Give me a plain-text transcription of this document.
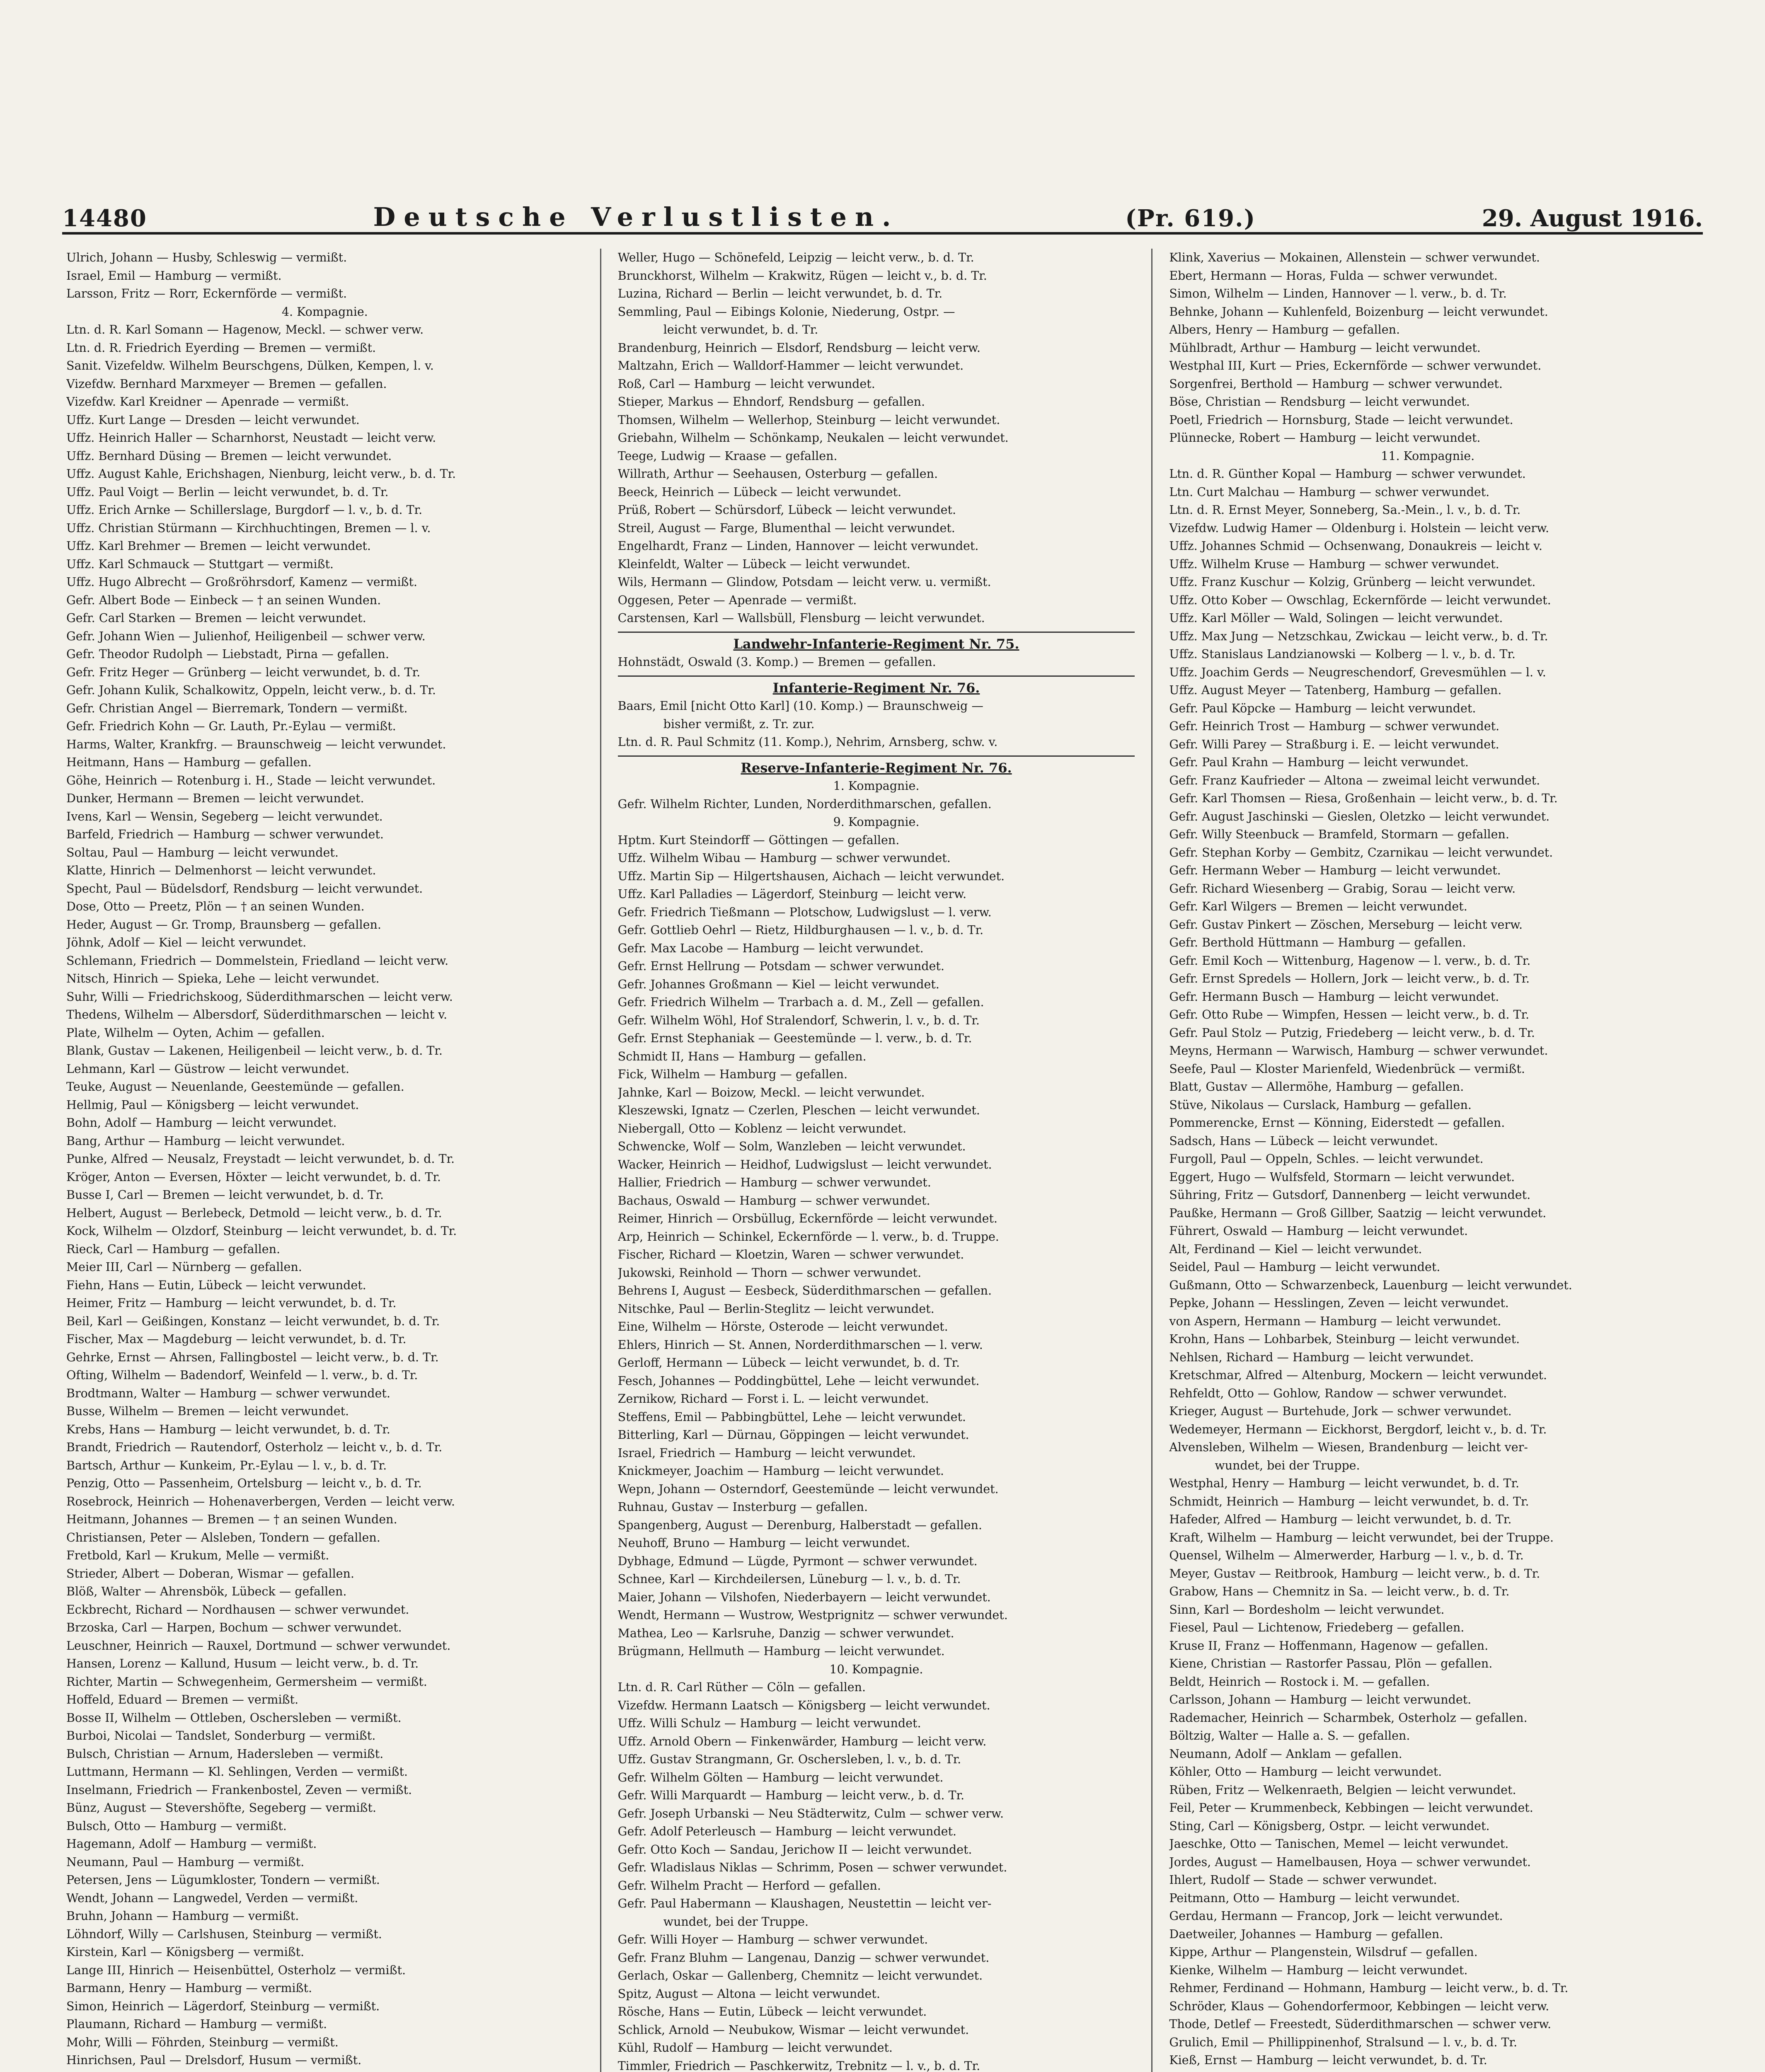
14480	Deutsche Verlustlisten.	(Pr. 619.)	29. August 1916.
Ulrich, Johann — Husby, Schleswig — vermißt.
Israel, Emil — Hamburg — vermißt.
Larsson, Fritz — Rorr, Eckernförde — vermißt.
4. Kompagnie.
Ltn. d. R. Karl Somann — Hagenow, Meckl. — schwer verw.
Ltn. d. R. Friedrich Eyerding — Bremen — vermißt.
Sanit. Vizefeldw. Wilhelm Beurschgens, Dülken, Kempen, l. v.
Vizefdw. Bernhard Marxmeyer — Bremen — gefallen.
Vizefdw. Karl Kreidner — Apenrade — vermißt.
Uffz. Kurt Lange — Dresden — leicht verwundet.
Uffz. Heinrich Haller — Scharnhorst, Neustadt — leicht verw.
Uffz. Bernhard Düsing — Bremen — leicht verwundet.
Uffz. August Kahle, Erichshagen, Nienburg, leicht verw., b. d. Tr.
Uffz. Paul Voigt — Berlin — leicht verwundet, b. d. Tr.
Uffz. Erich Arnke — Schillerslage, Burgdorf — l. v., b. d. Tr.
Uffz. Christian Stürmann — Kirchhuchtingen, Bremen — l. v.
Uffz. Karl Brehmer — Bremen — leicht verwundet.
Uffz. Karl Schmauck — Stuttgart — vermißt.
Uffz. Hugo Albrecht — Großröhrsdorf, Kamenz — vermißt.
Gefr. Albert Bode — Einbeck — † an seinen Wunden.
Gefr. Carl Starken — Bremen — leicht verwundet.
Gefr. Johann Wien — Julienhof, Heiligenbeil — schwer verw.
Gefr. Theodor Rudolph — Liebstadt, Pirna — gefallen.
Gefr. Fritz Heger — Grünberg — leicht verwundet, b. d. Tr.
Gefr. Johann Kulik, Schalkowitz, Oppeln, leicht verw., b. d. Tr.
Gefr. Christian Angel — Bierremark, Tondern — vermißt.
Gefr. Friedrich Kohn — Gr. Lauth, Pr.-Eylau — vermißt.
Harms, Walter, Krankfrg. — Braunschweig — leicht verwundet.
Heitmann, Hans — Hamburg — gefallen.
Göhe, Heinrich — Rotenburg i. H., Stade — leicht verwundet.
Dunker, Hermann — Bremen — leicht verwundet.
Ivens, Karl — Wensin, Segeberg — leicht verwundet.
Barfeld, Friedrich — Hamburg — schwer verwundet.
Soltau, Paul — Hamburg — leicht verwundet.
Klatte, Hinrich — Delmenhorst — leicht verwundet.
Specht, Paul — Büdelsdorf, Rendsburg — leicht verwundet.
Dose, Otto — Preetz, Plön — † an seinen Wunden.
Heder, August — Gr. Tromp, Braunsberg — gefallen.
Jöhnk, Adolf — Kiel — leicht verwundet.
Schlemann, Friedrich — Dommelstein, Friedland — leicht verw.
Nitsch, Hinrich — Spieka, Lehe — leicht verwundet.
Suhr, Willi — Friedrichskoog, Süderdithmarschen — leicht verw.
Thedens, Wilhelm — Albersdorf, Süderdithmarschen — leicht v.
Plate, Wilhelm — Oyten, Achim — gefallen.
Blank, Gustav — Lakenen, Heiligenbeil — leicht verw., b. d. Tr.
Lehmann, Karl — Güstrow — leicht verwundet.
Teuke, August — Neuenlande, Geestemünde — gefallen.
Hellmig, Paul — Königsberg — leicht verwundet.
Bohn, Adolf — Hamburg — leicht verwundet.
Bang, Arthur — Hamburg — leicht verwundet.
Punke, Alfred — Neusalz, Freystadt — leicht verwundet, b. d. Tr.
Kröger, Anton — Eversen, Höxter — leicht verwundet, b. d. Tr.
Busse I, Carl — Bremen — leicht verwundet, b. d. Tr.
Helbert, August — Berlebeck, Detmold — leicht verw., b. d. Tr.
Kock, Wilhelm — Olzdorf, Steinburg — leicht verwundet, b. d. Tr.
Rieck, Carl — Hamburg — gefallen.
Meier III, Carl — Nürnberg — gefallen.
Fiehn, Hans — Eutin, Lübeck — leicht verwundet.
Heimer, Fritz — Hamburg — leicht verwundet, b. d. Tr.
Beil, Karl — Geißingen, Konstanz — leicht verwundet, b. d. Tr.
Fischer, Max — Magdeburg — leicht verwundet, b. d. Tr.
Gehrke, Ernst — Ahrsen, Fallingbostel — leicht verw., b. d. Tr.
Ofting, Wilhelm — Badendorf, Weinfeld — l. verw., b. d. Tr.
Brodtmann, Walter — Hamburg — schwer verwundet.
Busse, Wilhelm — Bremen — leicht verwundet.
Krebs, Hans — Hamburg — leicht verwundet, b. d. Tr.
Brandt, Friedrich — Rautendorf, Osterholz — leicht v., b. d. Tr.
Bartsch, Arthur — Kunkeim, Pr.-Eylau — l. v., b. d. Tr.
Penzig, Otto — Passenheim, Ortelsburg — leicht v., b. d. Tr.
Rosebrock, Heinrich — Hohenaverbergen, Verden — leicht verw.
Heitmann, Johannes — Bremen — † an seinen Wunden.
Christiansen, Peter — Alsleben, Tondern — gefallen.
Fretbold, Karl — Krukum, Melle — vermißt.
Strieder, Albert — Doberan, Wismar — gefallen.
Blöß, Walter — Ahrensbök, Lübeck — gefallen.
Eckbrecht, Richard — Nordhausen — schwer verwundet.
Brzoska, Carl — Harpen, Bochum — schwer verwundet.
Leuschner, Heinrich — Rauxel, Dortmund — schwer verwundet.
Hansen, Lorenz — Kallund, Husum — leicht verw., b. d. Tr.
Richter, Martin — Schwegenheim, Germersheim — vermißt.
Hoffeld, Eduard — Bremen — vermißt.
Bosse II, Wilhelm — Ottleben, Oschersleben — vermißt.
Burboi, Nicolai — Tandslet, Sonderburg — vermißt.
Bulsch, Christian — Arnum, Hadersleben — vermißt.
Luttmann, Hermann — Kl. Sehlingen, Verden — vermißt.
Inselmann, Friedrich — Frankenbostel, Zeven — vermißt.
Bünz, August — Stevershöfte, Segeberg — vermißt.
Bulsch, Otto — Hamburg — vermißt.
Hagemann, Adolf — Hamburg — vermißt.
Neumann, Paul — Hamburg — vermißt.
Petersen, Jens — Lügumkloster, Tondern — vermißt.
Wendt, Johann — Langwedel, Verden — vermißt.
Bruhn, Johann — Hamburg — vermißt.
Löhndorf, Willy — Carlshusen, Steinburg — vermißt.
Kirstein, Karl — Königsberg — vermißt.
Lange III, Hinrich — Heisenbüttel, Osterholz — vermißt.
Barmann, Henry — Hamburg — vermißt.
Simon, Heinrich — Lägerdorf, Steinburg — vermißt.
Plaumann, Richard — Hamburg — vermißt.
Mohr, Willi — Föhrden, Steinburg — vermißt.
Hinrichsen, Paul — Drelsdorf, Husum — vermißt.
Weller, Hugo — Schönefeld, Leipzig — leicht verw., b. d. Tr.
Brunckhorst, Wilhelm — Krakwitz, Rügen — leicht v., b. d. Tr.
Luzina, Richard — Berlin — leicht verwundet, b. d. Tr.
Semmling, Paul — Eibings Kolonie, Niederung, Ostpr. —
leicht verwundet, b. d. Tr.
Brandenburg, Heinrich — Elsdorf, Rendsburg — leicht verw.
Maltzahn, Erich — Walldorf-Hammer — leicht verwundet.
Roß, Carl — Hamburg — leicht verwundet.
Stieper, Markus — Ehndorf, Rendsburg — gefallen.
Thomsen, Wilhelm — Wellerhop, Steinburg — leicht verwundet.
Griebahn, Wilhelm — Schönkamp, Neukalen — leicht verwundet.
Teege, Ludwig — Kraase — gefallen.
Willrath, Arthur — Seehausen, Osterburg — gefallen.
Beeck, Heinrich — Lübeck — leicht verwundet.
Prüß, Robert — Schürsdorf, Lübeck — leicht verwundet.
Streil, August — Farge, Blumenthal — leicht verwundet.
Engelhardt, Franz — Linden, Hannover — leicht verwundet.
Kleinfeldt, Walter — Lübeck — leicht verwundet.
Wils, Hermann — Glindow, Potsdam — leicht verw. u. vermißt.
Oggesen, Peter — Apenrade — vermißt.
Carstensen, Karl — Wallsbüll, Flensburg — leicht verwundet.
Landwehr-Infanterie-Regiment Nr. 75.
Hohnstädt, Oswald (3. Komp.) — Bremen — gefallen.
Infanterie-Regiment Nr. 76.
Baars, Emil [nicht Otto Karl] (10. Komp.) — Braunschweig —
bisher vermißt, z. Tr. zur.
Ltn. d. R. Paul Schmitz (11. Komp.), Nehrim, Arnsberg, schw. v.
Reserve-Infanterie-Regiment Nr. 76.
1. Kompagnie.
Gefr. Wilhelm Richter, Lunden, Norderdithmarschen, gefallen.
9. Kompagnie.
Hptm. Kurt Steindorff — Göttingen — gefallen.
Uffz. Wilhelm Wibau — Hamburg — schwer verwundet.
Uffz. Martin Sip — Hilgertshausen, Aichach — leicht verwundet.
Uffz. Karl Palladies — Lägerdorf, Steinburg — leicht verw.
Gefr. Friedrich Tießmann — Plotschow, Ludwigslust — l. verw.
Gefr. Gottlieb Oehrl — Rietz, Hildburghausen — l. v., b. d. Tr.
Gefr. Max Lacobe — Hamburg — leicht verwundet.
Gefr. Ernst Hellrung — Potsdam — schwer verwundet.
Gefr. Johannes Großmann — Kiel — leicht verwundet.
Gefr. Friedrich Wilhelm — Trarbach a. d. M., Zell — gefallen.
Gefr. Wilhelm Wöhl, Hof Stralendorf, Schwerin, l. v., b. d. Tr.
Gefr. Ernst Stephaniak — Geestemünde — l. verw., b. d. Tr.
Schmidt II, Hans — Hamburg — gefallen.
Fick, Wilhelm — Hamburg — gefallen.
Jahnke, Karl — Boizow, Meckl. — leicht verwundet.
Kleszewski, Ignatz — Czerlen, Pleschen — leicht verwundet.
Niebergall, Otto — Koblenz — leicht verwundet.
Schwencke, Wolf — Solm, Wanzleben — leicht verwundet.
Wacker, Heinrich — Heidhof, Ludwigslust — leicht verwundet.
Hallier, Friedrich — Hamburg — schwer verwundet.
Bachaus, Oswald — Hamburg — schwer verwundet.
Reimer, Hinrich — Orsbüllug, Eckernförde — leicht verwundet.
Arp, Heinrich — Schinkel, Eckernförde — l. verw., b. d. Truppe.
Fischer, Richard — Kloetzin, Waren — schwer verwundet.
Jukowski, Reinhold — Thorn — schwer verwundet.
Behrens I, August — Eesbeck, Süderdithmarschen — gefallen.
Nitschke, Paul — Berlin-Steglitz — leicht verwundet.
Eine, Wilhelm — Hörste, Osterode — leicht verwundet.
Ehlers, Hinrich — St. Annen, Norderdithmarschen — l. verw.
Gerloff, Hermann — Lübeck — leicht verwundet, b. d. Tr.
Fesch, Johannes — Poddingbüttel, Lehe — leicht verwundet.
Zernikow, Richard — Forst i. L. — leicht verwundet.
Steffens, Emil — Pabbingbüttel, Lehe — leicht verwundet.
Bitterling, Karl — Dürnau, Göppingen — leicht verwundet.
Israel, Friedrich — Hamburg — leicht verwundet.
Knickmeyer, Joachim — Hamburg — leicht verwundet.
Wepn, Johann — Osterndorf, Geestemünde — leicht verwundet.
Ruhnau, Gustav — Insterburg — gefallen.
Spangenberg, August — Derenburg, Halberstadt — gefallen.
Neuhoff, Bruno — Hamburg — leicht verwundet.
Dybhage, Edmund — Lügde, Pyrmont — schwer verwundet.
Schnee, Karl — Kirchdeilersen, Lüneburg — l. v., b. d. Tr.
Maier, Johann — Vilshofen, Niederbayern — leicht verwundet.
Wendt, Hermann — Wustrow, Westprignitz — schwer verwundet.
Mathea, Leo — Karlsruhe, Danzig — schwer verwundet.
Brügmann, Hellmuth — Hamburg — leicht verwundet.
10. Kompagnie.
Ltn. d. R. Carl Rüther — Cöln — gefallen.
Vizefdw. Hermann Laatsch — Königsberg — leicht verwundet.
Uffz. Willi Schulz — Hamburg — leicht verwundet.
Uffz. Arnold Obern — Finkenwärder, Hamburg — leicht verw.
Uffz. Gustav Strangmann, Gr. Oschersleben, l. v., b. d. Tr.
Gefr. Wilhelm Gölten — Hamburg — leicht verwundet.
Gefr. Willi Marquardt — Hamburg — leicht verw., b. d. Tr.
Gefr. Joseph Urbanski — Neu Städterwitz, Culm — schwer verw.
Gefr. Adolf Peterleusch — Hamburg — leicht verwundet.
Gefr. Otto Koch — Sandau, Jerichow II — leicht verwundet.
Gefr. Wladislaus Niklas — Schrimm, Posen — schwer verwundet.
Gefr. Wilhelm Pracht — Herford — gefallen.
Gefr. Paul Habermann — Klaushagen, Neustettin — leicht ver-
wundet, bei der Truppe.
Gefr. Willi Hoyer — Hamburg — schwer verwundet.
Gefr. Franz Bluhm — Langenau, Danzig — schwer verwundet.
Gerlach, Oskar — Gallenberg, Chemnitz — leicht verwundet.
Spitz, August — Altona — leicht verwundet.
Rösche, Hans — Eutin, Lübeck — leicht verwundet.
Schlick, Arnold — Neubukow, Wismar — leicht verwundet.
Kühl, Rudolf — Hamburg — leicht verwundet.
Timmler, Friedrich — Paschkerwitz, Trebnitz — l. v., b. d. Tr.
Klink, Xaverius — Mokainen, Allenstein — schwer verwundet.
Ebert, Hermann — Horas, Fulda — schwer verwundet.
Simon, Wilhelm — Linden, Hannover — l. verw., b. d. Tr.
Behnke, Johann — Kuhlenfeld, Boizenburg — leicht verwundet.
Albers, Henry — Hamburg — gefallen.
Mühlbradt, Arthur — Hamburg — leicht verwundet.
Westphal III, Kurt — Pries, Eckernförde — schwer verwundet.
Sorgenfrei, Berthold — Hamburg — schwer verwundet.
Böse, Christian — Rendsburg — leicht verwundet.
Poetl, Friedrich — Hornsburg, Stade — leicht verwundet.
Plünnecke, Robert — Hamburg — leicht verwundet.
11. Kompagnie.
Ltn. d. R. Günther Kopal — Hamburg — schwer verwundet.
Ltn. Curt Malchau — Hamburg — schwer verwundet.
Ltn. d. R. Ernst Meyer, Sonneberg, Sa.-Mein., l. v., b. d. Tr.
Vizefdw. Ludwig Hamer — Oldenburg i. Holstein — leicht verw.
Uffz. Johannes Schmid — Ochsenwang, Donaukreis — leicht v.
Uffz. Wilhelm Kruse — Hamburg — schwer verwundet.
Uffz. Franz Kuschur — Kolzig, Grünberg — leicht verwundet.
Uffz. Otto Kober — Owschlag, Eckernförde — leicht verwundet.
Uffz. Karl Möller — Wald, Solingen — leicht verwundet.
Uffz. Max Jung — Netzschkau, Zwickau — leicht verw., b. d. Tr.
Uffz. Stanislaus Landzianowski — Kolberg — l. v., b. d. Tr.
Uffz. Joachim Gerds — Neugreschendorf, Grevesmühlen — l. v.
Uffz. August Meyer — Tatenberg, Hamburg — gefallen.
Gefr. Paul Köpcke — Hamburg — leicht verwundet.
Gefr. Heinrich Trost — Hamburg — schwer verwundet.
Gefr. Willi Parey — Straßburg i. E. — leicht verwundet.
Gefr. Paul Krahn — Hamburg — leicht verwundet.
Gefr. Franz Kaufrieder — Altona — zweimal leicht verwundet.
Gefr. Karl Thomsen — Riesa, Großenhain — leicht verw., b. d. Tr.
Gefr. August Jaschinski — Gieslen, Oletzko — leicht verwundet.
Gefr. Willy Steenbuck — Bramfeld, Stormarn — gefallen.
Gefr. Stephan Korby — Gembitz, Czarnikau — leicht verwundet.
Gefr. Hermann Weber — Hamburg — leicht verwundet.
Gefr. Richard Wiesenberg — Grabig, Sorau — leicht verw.
Gefr. Karl Wilgers — Bremen — leicht verwundet.
Gefr. Gustav Pinkert — Zöschen, Merseburg — leicht verw.
Gefr. Berthold Hüttmann — Hamburg — gefallen.
Gefr. Emil Koch — Wittenburg, Hagenow — l. verw., b. d. Tr.
Gefr. Ernst Spredels — Hollern, Jork — leicht verw., b. d. Tr.
Gefr. Hermann Busch — Hamburg — leicht verwundet.
Gefr. Otto Rube — Wimpfen, Hessen — leicht verw., b. d. Tr.
Gefr. Paul Stolz — Putzig, Friedeberg — leicht verw., b. d. Tr.
Meyns, Hermann — Warwisch, Hamburg — schwer verwundet.
Seefe, Paul — Kloster Marienfeld, Wiedenbrück — vermißt.
Blatt, Gustav — Allermöhe, Hamburg — gefallen.
Stüve, Nikolaus — Curslack, Hamburg — gefallen.
Pommerencke, Ernst — Könning, Eiderstedt — gefallen.
Sadsch, Hans — Lübeck — leicht verwundet.
Furgoll, Paul — Oppeln, Schles. — leicht verwundet.
Eggert, Hugo — Wulfsfeld, Stormarn — leicht verwundet.
Sühring, Fritz — Gutsdorf, Dannenberg — leicht verwundet.
Paußke, Hermann — Groß Gillber, Saatzig — leicht verwundet.
Führert, Oswald — Hamburg — leicht verwundet.
Alt, Ferdinand — Kiel — leicht verwundet.
Seidel, Paul — Hamburg — leicht verwundet.
Gußmann, Otto — Schwarzenbeck, Lauenburg — leicht verwundet.
Pepke, Johann — Hesslingen, Zeven — leicht verwundet.
von Aspern, Hermann — Hamburg — leicht verwundet.
Krohn, Hans — Lohbarbek, Steinburg — leicht verwundet.
Nehlsen, Richard — Hamburg — leicht verwundet.
Kretschmar, Alfred — Altenburg, Mockern — leicht verwundet.
Rehfeldt, Otto — Gohlow, Randow — schwer verwundet.
Krieger, August — Burtehude, Jork — schwer verwundet.
Wedemeyer, Hermann — Eickhorst, Bergdorf, leicht v., b. d. Tr.
Alvensleben, Wilhelm — Wiesen, Brandenburg — leicht ver-
wundet, bei der Truppe.
Westphal, Henry — Hamburg — leicht verwundet, b. d. Tr.
Schmidt, Heinrich — Hamburg — leicht verwundet, b. d. Tr.
Hafeder, Alfred — Hamburg — leicht verwundet, b. d. Tr.
Kraft, Wilhelm — Hamburg — leicht verwundet, bei der Truppe.
Quensel, Wilhelm — Almerwerder, Harburg — l. v., b. d. Tr.
Meyer, Gustav — Reitbrook, Hamburg — leicht verw., b. d. Tr.
Grabow, Hans — Chemnitz in Sa. — leicht verw., b. d. Tr.
Sinn, Karl — Bordesholm — leicht verwundet.
Fiesel, Paul — Lichtenow, Friedeberg — gefallen.
Kruse II, Franz — Hoffenmann, Hagenow — gefallen.
Kiene, Christian — Rastorfer Passau, Plön — gefallen.
Beldt, Heinrich — Rostock i. M. — gefallen.
Carlsson, Johann — Hamburg — leicht verwundet.
Rademacher, Heinrich — Scharmbek, Osterholz — gefallen.
Böltzig, Walter — Halle a. S. — gefallen.
Neumann, Adolf — Anklam — gefallen.
Köhler, Otto — Hamburg — leicht verwundet.
Rüben, Fritz — Welkenraeth, Belgien — leicht verwundet.
Feil, Peter — Krummenbeck, Kebbingen — leicht verwundet.
Sting, Carl — Königsberg, Ostpr. — leicht verwundet.
Jaeschke, Otto — Tanischen, Memel — leicht verwundet.
Jordes, August — Hamelbausen, Hoya — schwer verwundet.
Ihlert, Rudolf — Stade — schwer verwundet.
Peitmann, Otto — Hamburg — leicht verwundet.
Gerdau, Hermann — Francop, Jork — leicht verwundet.
Daetweiler, Johannes — Hamburg — gefallen.
Kippe, Arthur — Plangenstein, Wilsdruf — gefallen.
Kienke, Wilhelm — Hamburg — leicht verwundet.
Rehmer, Ferdinand — Hohmann, Hamburg — leicht verw., b. d. Tr.
Schröder, Klaus — Gohendorfermoor, Kebbingen — leicht verw.
Thode, Detlef — Freestedt, Süderdithmarschen — schwer verw.
Grulich, Emil — Phillippinenhof, Stralsund — l. v., b. d. Tr.
Kieß, Ernst — Hamburg — leicht verwundet, b. d. Tr.
